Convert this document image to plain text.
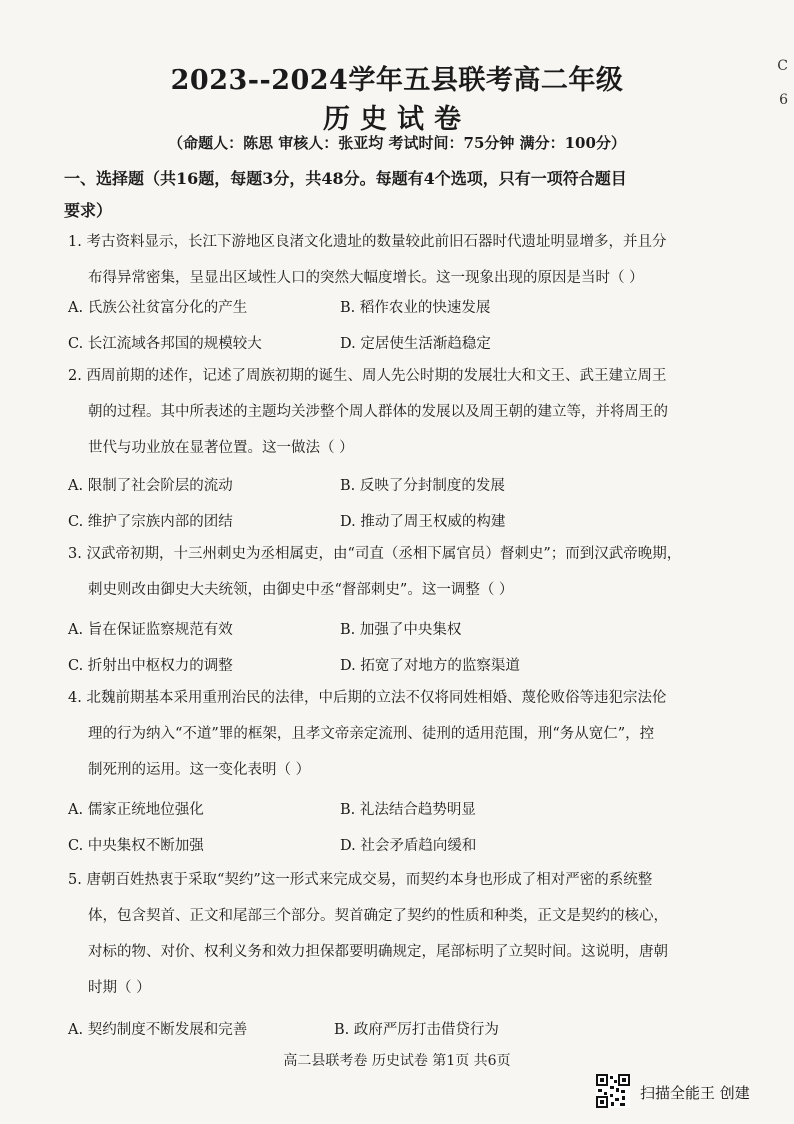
C
6
2023--2024学年五县联考高二年级
历史试卷
（命题人：陈思 审核人：张亚均 考试时间：75分钟 满分：100分）
一、选择题（共16题，每题3分，共48分。每题有4个选项，只有一项符合题目
要求）
1. 考古资料显示，长江下游地区良渚文化遗址的数量较此前旧石器时代遗址明显增多，并且分
布得异常密集，呈显出区域性人口的突然大幅度增长。这一现象出现的原因是当时（ ）
A. 氏族公社贫富分化的产生	B. 稻作农业的快速发展
C. 长江流域各邦国的规模较大	D. 定居使生活渐趋稳定
2. 西周前期的述作，记述了周族初期的诞生、周人先公时期的发展壮大和文王、武王建立周王
朝的过程。其中所表述的主题均关涉整个周人群体的发展以及周王朝的建立等，并将周王的
世代与功业放在显著位置。这一做法（ ）
A. 限制了社会阶层的流动	B. 反映了分封制度的发展
C. 维护了宗族内部的团结	D. 推动了周王权威的构建
3. 汉武帝初期，十三州刺史为丞相属吏，由“司直（丞相下属官员）督刺史”；而到汉武帝晚期，
刺史则改由御史大夫统领，由御史中丞“督部刺史”。这一调整（ ）
A. 旨在保证监察规范有效	B. 加强了中央集权
C. 折射出中枢权力的调整	D. 拓宽了对地方的监察渠道
4. 北魏前期基本采用重刑治民的法律，中后期的立法不仅将同姓相婚、蔑伦败俗等违犯宗法伦
理的行为纳入“不道”罪的框架，且孝文帝亲定流刑、徒刑的适用范围，刑“务从宽仁”，控
制死刑的运用。这一变化表明（ ）
A. 儒家正统地位强化	B. 礼法结合趋势明显
C. 中央集权不断加强	D. 社会矛盾趋向缓和
5. 唐朝百姓热衷于采取“契约”这一形式来完成交易，而契约本身也形成了相对严密的系统整
体，包含契首、正文和尾部三个部分。契首确定了契约的性质和种类，正文是契约的核心，
对标的物、对价、权利义务和效力担保都要明确规定，尾部标明了立契时间。这说明，唐朝
时期（ ）
A. 契约制度不断发展和完善	B. 政府严厉打击借贷行为
高二县联考卷 历史试卷 第1页 共6页
扫描全能王 创建
